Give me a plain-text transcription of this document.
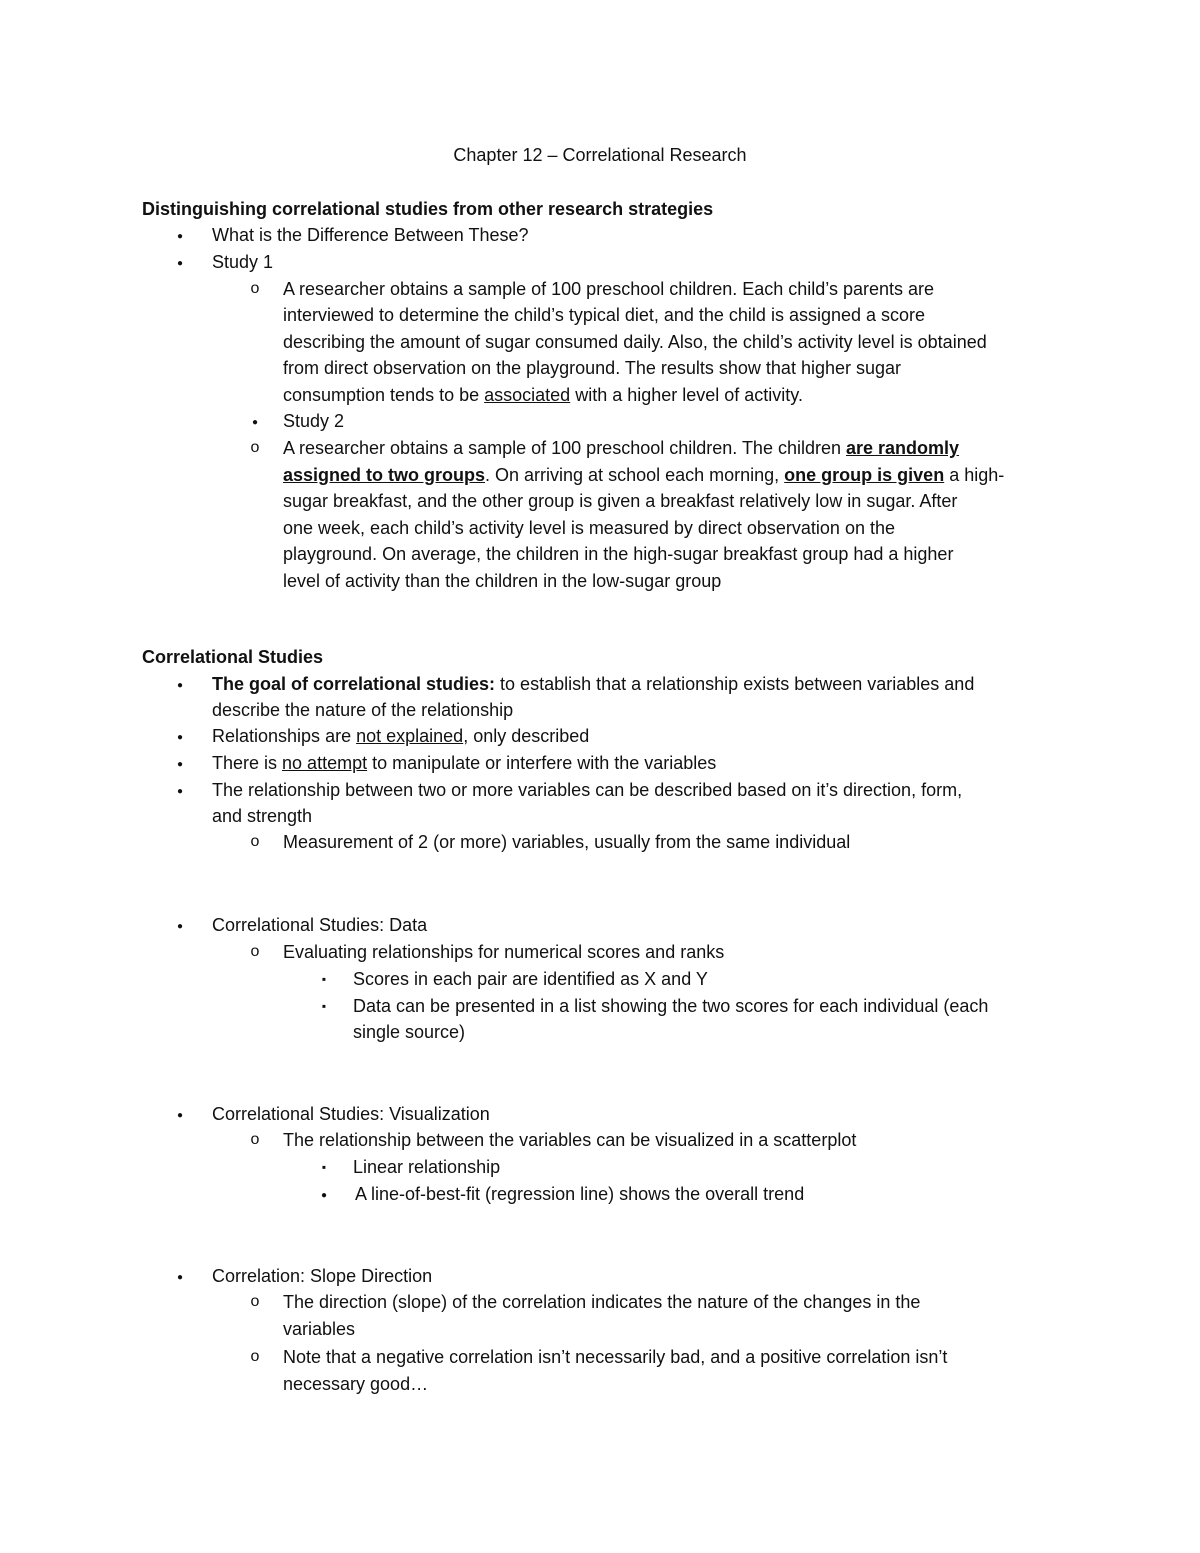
Chapter 12 – Correlational Research
Distinguishing correlational studies from other research strategies
●
What is the Difference Between These?
●
Study 1
o
A researcher obtains a sample of 100 preschool children. Each child’s parents are
interviewed to determine the child’s typical diet, and the child is assigned a score
describing the amount of sugar consumed daily. Also, the child’s activity level is obtained
from direct observation on the playground. The results show that higher sugar
consumption tends to be associated with a higher level of activity.
●
Study 2
o
A researcher obtains a sample of 100 preschool children. The children are randomly
assigned to two groups. On arriving at school each morning, one group is given a high-
sugar breakfast, and the other group is given a breakfast relatively low in sugar. After
one week, each child’s activity level is measured by direct observation on the
playground. On average, the children in the high-sugar breakfast group had a higher
level of activity than the children in the low-sugar group
Correlational Studies
●
The goal of correlational studies: to establish that a relationship exists between variables and
describe the nature of the relationship
●
Relationships are not explained, only described
●
There is no attempt to manipulate or interfere with the variables
●
The relationship between two or more variables can be described based on it’s direction, form,
and strength
o
Measurement of 2 (or more) variables, usually from the same individual
●
Correlational Studies: Data
o
Evaluating relationships for numerical scores and ranks
▪
Scores in each pair are identified as X and Y
▪
Data can be presented in a list showing the two scores for each individual (each
single source)
●
Correlational Studies: Visualization
o
The relationship between the variables can be visualized in a scatterplot
▪
Linear relationship
●
A line-of-best-fit (regression line) shows the overall trend
●
Correlation: Slope Direction
o
The direction (slope) of the correlation indicates the nature of the changes in the
variables
o
Note that a negative correlation isn’t necessarily bad, and a positive correlation isn’t
necessary good…
